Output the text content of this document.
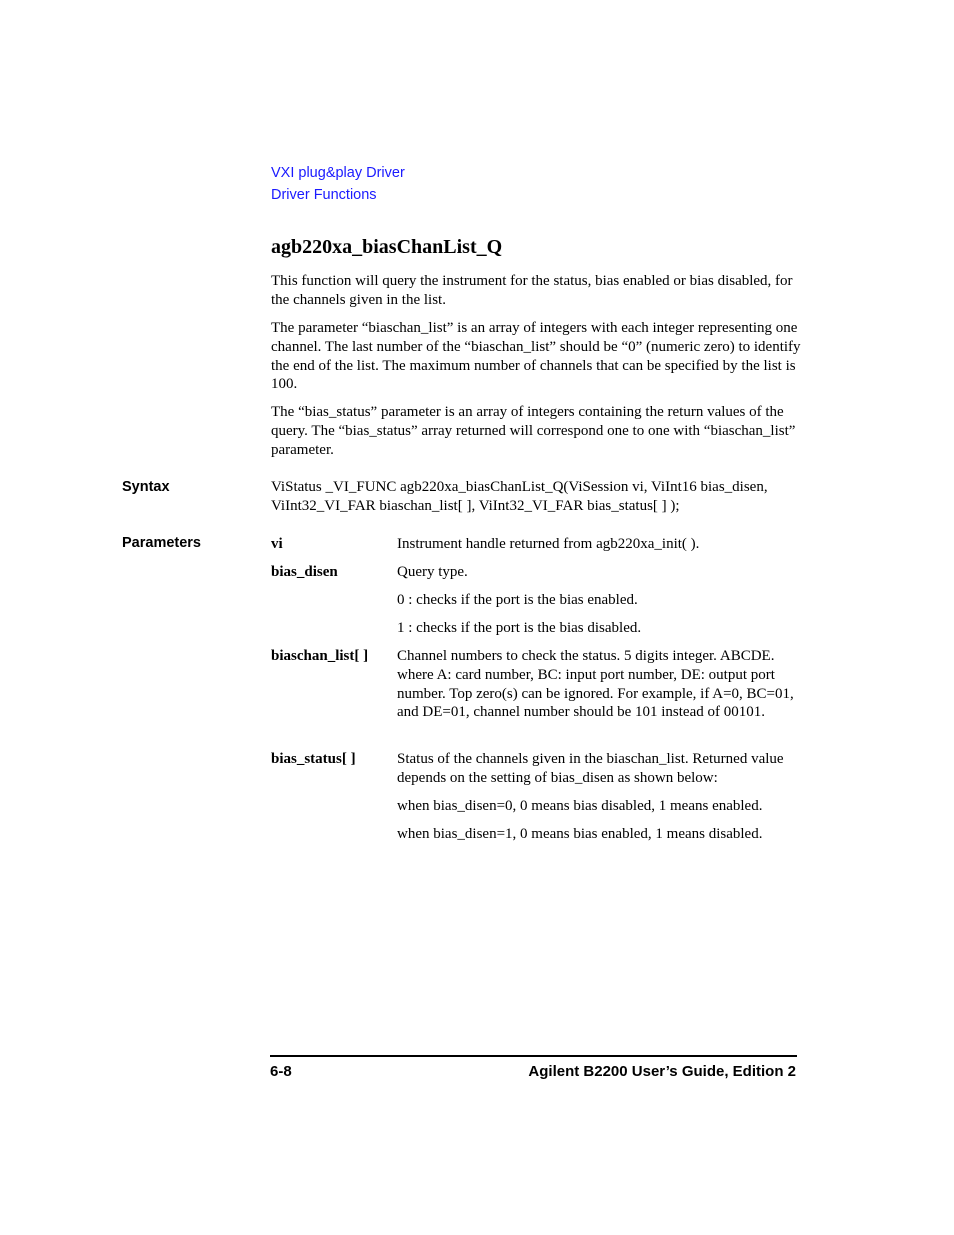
VXI plug&play Driver
Driver Functions
agb220xa_biasChanList_Q

This function will query the instrument for the status, bias enabled or bias disabled, for the channels given in the list.

The parameter “biaschan_list” is an array of integers with each integer representing one channel. The last number of the “biaschan_list” should be “0” (numeric zero) to identify the end of the list. The maximum number of channels that can be specified by the list is 100.

The “bias_status” parameter is an array of integers containing the return values of the query. The “bias_status” array returned will correspond one to one with “biaschan_list” parameter.

Syntax	ViStatus _VI_FUNC agb220xa_biasChanList_Q(ViSession vi, ViInt16 bias_disen, ViInt32_VI_FAR biaschan_list[ ], ViInt32_VI_FAR bias_status[ ] );

Parameters	vi	Instrument handle returned from agb220xa_init( ).

bias_disen	Query type.

0 : checks if the port is the bias enabled.

1 : checks if the port is the bias disabled.

biaschan_list[ ] Channel numbers to check the status. 5 digits integer. ABCDE. where A: card number, BC: input port number, DE: output port number. Top zero(s) can be ignored. For example, if A=0, BC=01, and DE=01, channel number should be 101 instead of 00101.

bias_status[ ]	Status of the channels given in the biaschan_list. Returned value depends on the setting of bias_disen as shown below:

when bias_disen=0, 0 means bias disabled, 1 means enabled.

when bias_disen=1, 0 means bias enabled, 1 means disabled.

6-8	Agilent B2200 User’s Guide, Edition 2
